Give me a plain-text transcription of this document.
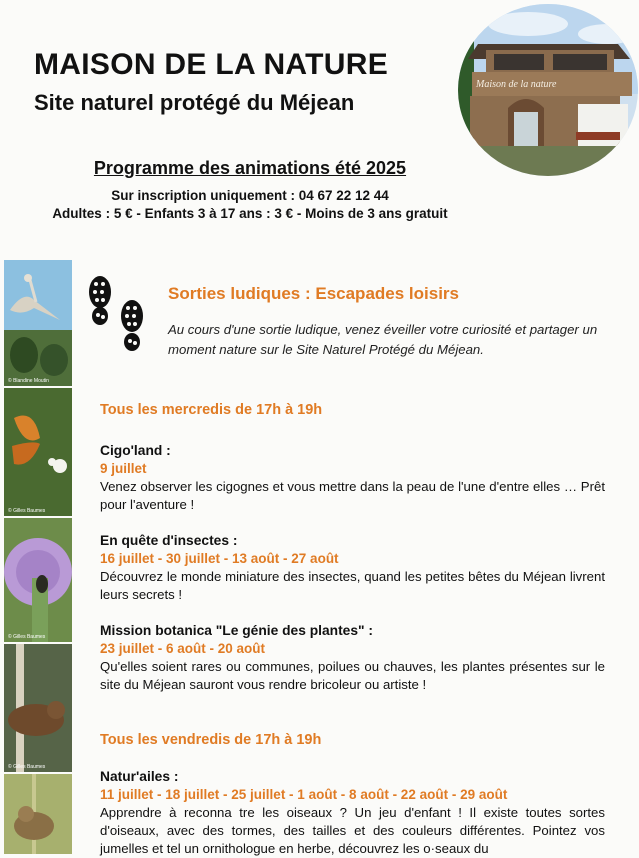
MAISON DE LA NATURE
Site naturel protégé du Méjean
Maison de la nature
Programme des animations été 2025
Sur inscription uniquement : 04 67 22 12 44
Adultes : 5 € - Enfants 3 à 17 ans : 3 € - Moins de 3 ans gratuit
© Blandine Moutin
© Gilles Baumes
© Gilles Baumes
© Gilles Baumes
Sorties ludiques : Escapades loisirs
Au cours d'une sortie ludique, venez éveiller votre curiosité et partager un moment nature sur le Site Naturel Protégé du Méjean.
Tous les mercredis de 17h à 19h
Cigo'land :
9 juillet
Venez observer les cigognes et vous mettre dans la peau de l'une d'entre elles … Prêt pour l'aventure !
En quête d'insectes :
16 juillet - 30 juillet - 13 août - 27 août
Découvrez le monde miniature des insectes, quand les petites bêtes du Méjean livrent leurs secrets !
Mission botanica "Le génie des plantes" :
23 juillet - 6 août - 20 août
Qu'elles soient rares ou communes, poilues ou chauves, les plantes présentes sur le site du Méjean sauront vous rendre bricoleur ou artiste !
Tous les vendredis de 17h à 19h
Natur'ailes :
11 juillet - 18 juillet - 25 juillet - 1 août - 8 août - 22 août - 29 août
Apprendre à reconna tre les oiseaux ? Un jeu d'enfant ! Il existe toutes sortes d'oiseaux, avec des tormes, des tailles et des couleurs différentes. Pointez vos jumelles et tel un ornithologue en herbe, découvrez les o·seaux du
